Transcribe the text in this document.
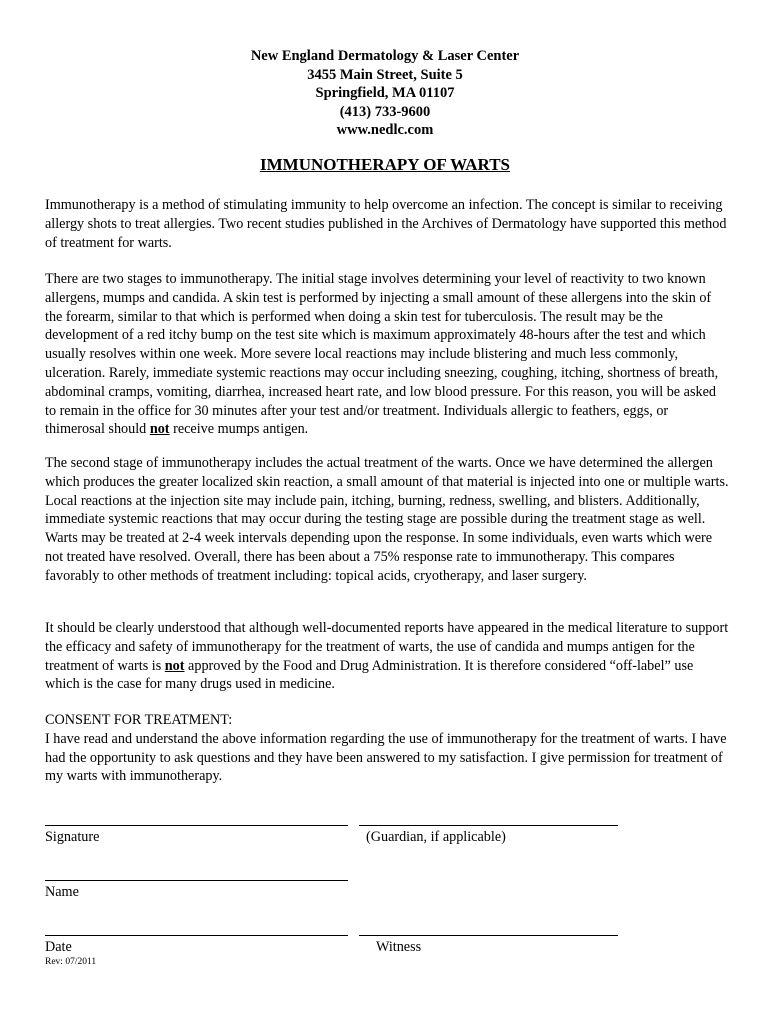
New England Dermatology & Laser Center
3455 Main Street, Suite 5
Springfield, MA 01107
(413) 733-9600
www.nedlc.com
IMMUNOTHERAPY OF WARTS

Immunotherapy is a method of stimulating immunity to help overcome an infection. The concept is similar to receiving allergy shots to treat allergies. Two recent studies published in the Archives of Dermatology have supported this method of treatment for warts.

There are two stages to immunotherapy. The initial stage involves determining your level of reactivity to two known allergens, mumps and candida. A skin test is performed by injecting a small amount of these allergens into the skin of the forearm, similar to that which is performed when doing a skin test for tuberculosis. The result may be the development of a red itchy bump on the test site which is maximum approximately 48-hours after the test and which usually resolves within one week. More severe local reactions may include blistering and much less commonly, ulceration. Rarely, immediate systemic reactions may occur including sneezing, coughing, itching, shortness of breath, abdominal cramps, vomiting, diarrhea, increased heart rate, and low blood pressure. For this reason, you will be asked to remain in the office for 30 minutes after your test and/or treatment. Individuals allergic to feathers, eggs, or thimerosal should not receive mumps antigen.

The second stage of immunotherapy includes the actual treatment of the warts. Once we have determined the allergen which produces the greater localized skin reaction, a small amount of that material is injected into one or multiple warts. Local reactions at the injection site may include pain, itching, burning, redness, swelling, and blisters. Additionally, immediate systemic reactions that may occur during the testing stage are possible during the treatment stage as well. Warts may be treated at 2-4 week intervals depending upon the response. In some individuals, even warts which were not treated have resolved. Overall, there has been about a 75% response rate to immunotherapy. This compares favorably to other methods of treatment including: topical acids, cryotherapy, and laser surgery.

It should be clearly understood that although well-documented reports have appeared in the medical literature to support the efficacy and safety of immunotherapy for the treatment of warts, the use of candida and mumps antigen for the treatment of warts is not approved by the Food and Drug Administration. It is therefore considered “off-label” use which is the case for many drugs used in medicine.

CONSENT FOR TREATMENT:
I have read and understand the above information regarding the use of immunotherapy for the treatment of warts. I have had the opportunity to ask questions and they have been answered to my satisfaction. I give permission for treatment of my warts with immunotherapy.

Signature	(Guardian, if applicable)
Name
Date	Witness
Rev: 07/2011
